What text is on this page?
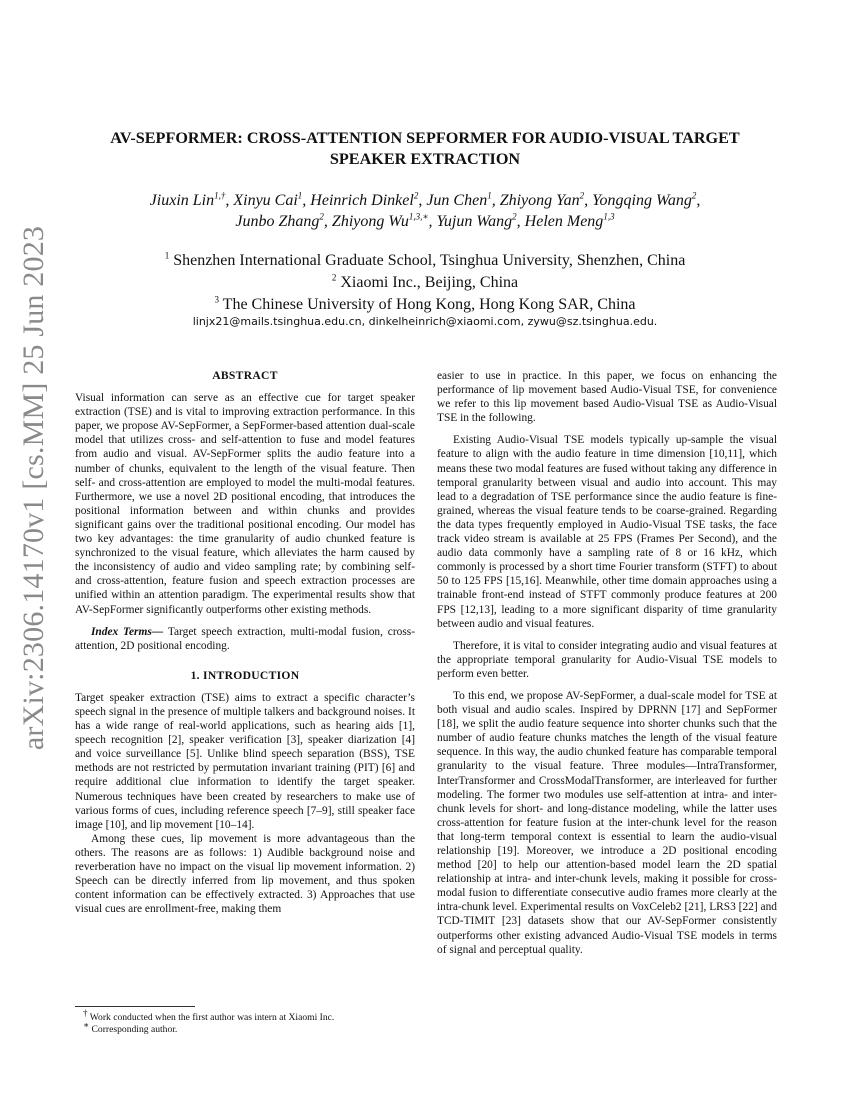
arXiv:2306.14170v1 [cs.MM] 25 Jun 2023
AV-SEPFORMER: CROSS-ATTENTION SEPFORMER FOR AUDIO-VISUAL TARGET
SPEAKER EXTRACTION
Jiuxin Lin$^{1,\dagger}$, Xinyu Cai$^1$, Heinrich Dinkel$^2$, Jun Chen$^1$, Zhiyong Yan$^2$, Yongqing Wang$^2$,
Junbo Zhang$^2$, Zhiyong $Wu^{1,3,∗}$, Yujun Wang$^2$, Helen Meng$^{1,3}$
$^1$ Shenzhen International Graduate School, Tsinghua University, Shenzhen, China
$^2$ Xiaomi Inc., Beijing, China
$^3$ The Chinese University of Hong Kong, Hong Kong SAR, China
linjx21@mails.tsinghua.edu.cn, dinkelheinrich@xiaomi.com, zywu@sz.tsinghua.edu.
ABSTRACT

Visual information can serve as an effective cue for target speaker extraction (TSE) and is vital to improving extraction performance. In this paper, we propose AV-SepFormer, a SepFormer-based attention dual-scale model that utilizes cross- and self-attention to fuse and model features from audio and visual. AV-SepFormer splits the audio feature into a number of chunks, equivalent to the length of the visual feature. Then self- and cross-attention are employed to model the multi-modal features. Furthermore, we use a novel 2D positional encoding, that introduces the positional information between and within chunks and provides significant gains over the traditional positional encoding. Our model has two key advantages: the time granularity of audio chunked feature is synchronized to the visual feature, which alleviates the harm caused by the inconsistency of audio and video sampling rate; by combining self- and cross-attention, feature fusion and speech extraction processes are unified within an attention paradigm. The experimental results show that AV-SepFormer significantly outperforms other existing methods.

Index Terms— Target speech extraction, multi-modal fusion, cross-attention, 2D positional encoding.

1. INTRODUCTION

Target speaker extraction (TSE) aims to extract a specific character’s speech signal in the presence of multiple talkers and background noises. It has a wide range of real-world applications, such as hearing aids [1], speech recognition [2], speaker verification [3], speaker diarization [4] and voice surveillance [5]. Unlike blind speech separation (BSS), TSE methods are not restricted by permutation invariant training (PIT) [6] and require additional clue information to identify the target speaker. Numerous techniques have been created by researchers to make use of various forms of cues, including reference speech [7–9], still speaker face image [10], and lip movement [10–14].

Among these cues, lip movement is more advantageous than the others. The reasons are as follows: 1) Audible background noise and reverberation have no impact on the visual lip movement information. 2) Speech can be directly inferred from lip movement, and thus spoken content information can be effectively extracted. 3) Approaches that use visual cues are enrollment-free, making them

† Work conducted when the first author was intern at Xiaomi Inc.
∗ Corresponding author.

easier to use in practice. In this paper, we focus on enhancing the performance of lip movement based Audio-Visual TSE, for convenience we refer to this lip movement based Audio-Visual TSE as Audio-Visual TSE in the following.

Existing Audio-Visual TSE models typically up-sample the visual feature to align with the audio feature in time dimension [10,11], which means these two modal features are fused without taking any difference in temporal granularity between visual and audio into account. This may lead to a degradation of TSE performance since the audio feature is fine-grained, whereas the visual feature tends to be coarse-grained. Regarding the data types frequently employed in Audio-Visual TSE tasks, the face track video stream is available at 25 FPS (Frames Per Second), and the audio data commonly have a sampling rate of 8 or 16 kHz, which commonly is processed by a short time Fourier transform (STFT) to about 50 to 125 FPS [15,16]. Meanwhile, other time domain approaches using a trainable front-end instead of STFT commonly produce features at 200 FPS [12,13], leading to a more significant disparity of time granularity between audio and visual features.

Therefore, it is vital to consider integrating audio and visual features at the appropriate temporal granularity for Audio-Visual TSE models to perform even better.

To this end, we propose AV-SepFormer, a dual-scale model for TSE at both visual and audio scales. Inspired by DPRNN [17] and SepFormer [18], we split the audio feature sequence into shorter chunks such that the number of audio feature chunks matches the length of the visual feature sequence. In this way, the audio chunked feature has comparable temporal granularity to the visual feature. Three modules—IntraTransformer, InterTransformer and CrossModalTransformer, are interleaved for further modeling. The former two modules use self-attention at intra- and inter-chunk levels for short- and long-distance modeling, while the latter uses cross-attention for feature fusion at the inter-chunk level for the reason that long-term temporal context is essential to learn the audio-visual relationship [19]. Moreover, we introduce a 2D positional encoding method [20] to help our attention-based model learn the 2D spatial relationship at intra- and inter-chunk levels, making it possible for cross-modal fusion to differentiate consecutive audio frames more clearly at the intra-chunk level. Experimental results on VoxCeleb2 [21], LRS3 [22] and TCD-TIMIT [23] datasets show that our AV-SepFormer consistently outperforms other existing advanced Audio-Visual TSE models in terms of signal and perceptual quality.
